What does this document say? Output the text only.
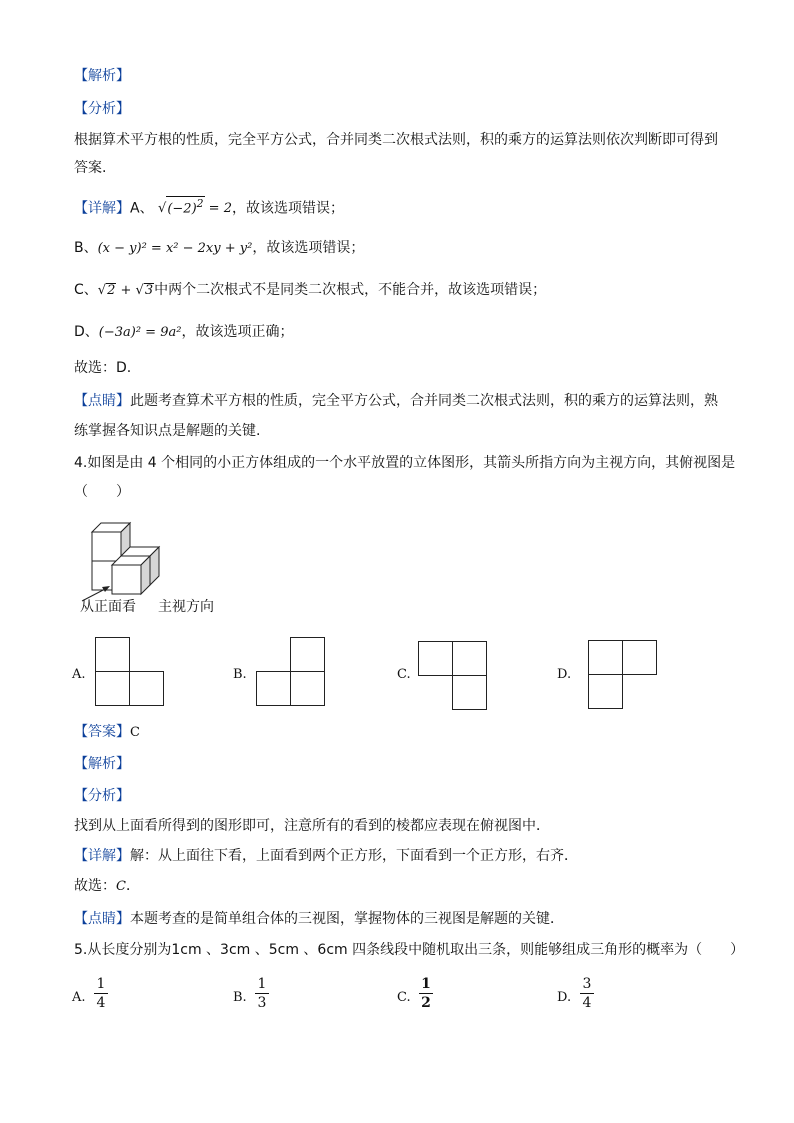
【解析】
【分析】
根据算术平方根的性质，完全平方公式，合并同类二次根式法则，积的乘方的运算法则依次判断即可得到
答案.
【详解】A、 $√(-2)^2 = 2$，故该选项错误；
B、(x − y)² = x² − 2xy + y²，故该选项错误；
C、√2 + √3中两个二次根式不是同类二次根式，不能合并，故该选项错误；
D、(−3a)² = 9a²，故该选项正确；
故选：D.
【点睛】此题考查算术平方根的性质，完全平方公式，合并同类二次根式法则，积的乘方的运算法则，熟
练掌握各知识点是解题的关键.
4.如图是由 4 个相同的小正方体组成的一个水平放置的立体图形，其箭头所指方向为主视方向，其俯视图是
（　　）
从正面看 主视方向
A.	B.	C.	D.
【答案】C
【解析】
【分析】
找到从上面看所得到的图形即可，注意所有的看到的棱都应表现在俯视图中．
【详解】解：从上面往下看，上面看到两个正方形，下面看到一个正方形，右齐．
故选：C．
【点睛】本题考查的是简单组合体的三视图，掌握物体的三视图是解题的关键．
5.从长度分别为1cm 、3cm 、5cm 、6cm 四条线段中随机取出三条，则能够组成三角形的概率为（　　）
A.
1
4	B.
1
3	C.
1
2	D.
3
4
